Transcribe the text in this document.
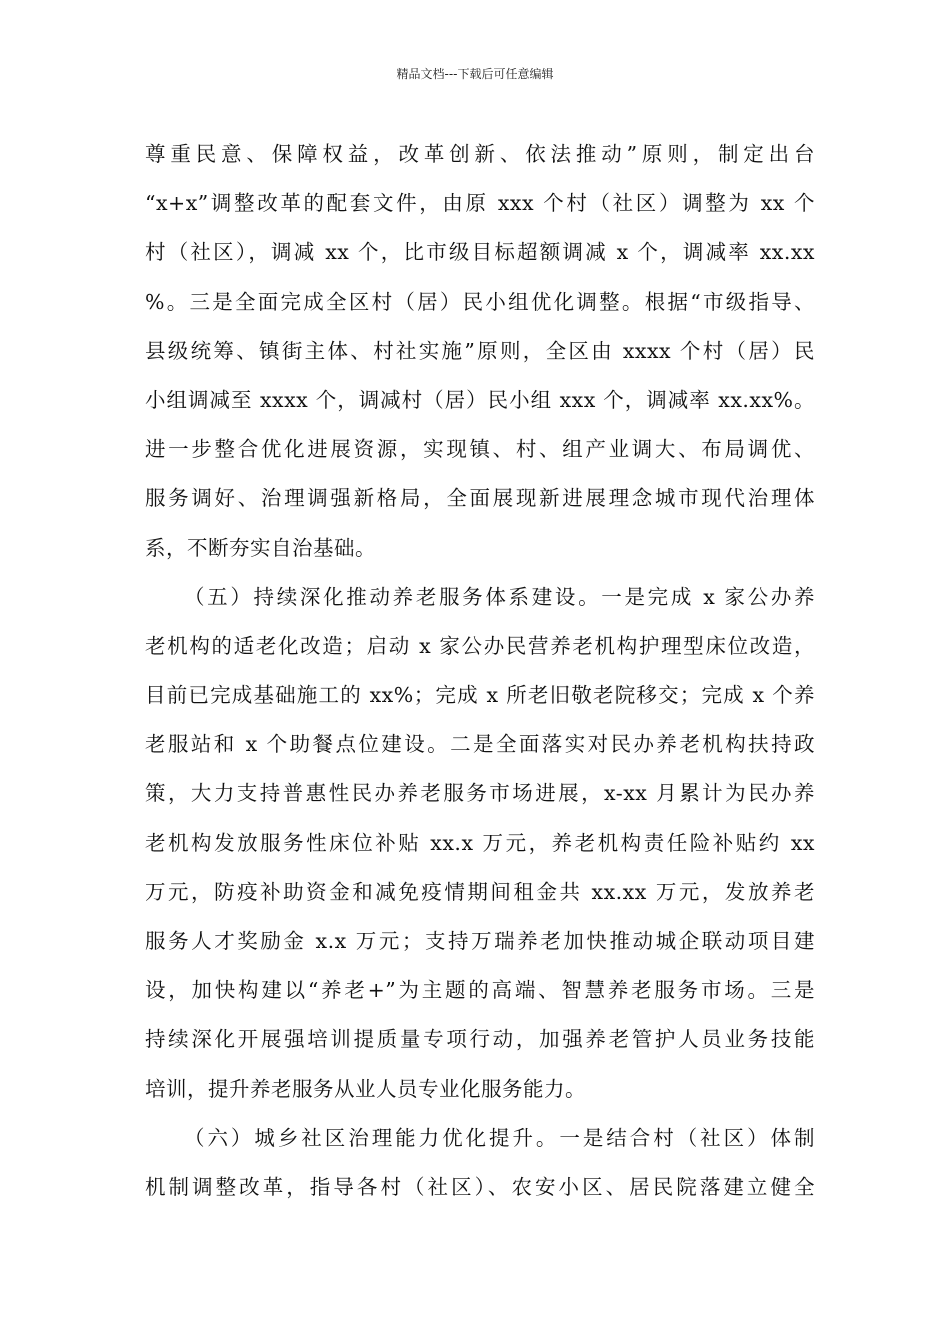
精品文档---下载后可任意编辑
尊重民意、保障权益，改革创新、依法推动”原则，制定出台
“x+x”调整改革的配套文件，由原 xxx 个村（社区）调整为 xx 个
村（社区），调减 xx 个，比市级目标超额调减 x 个，调减率 xx.xx
%。三是全面完成全区村（居）民小组优化调整。根据“市级指导、
县级统筹、镇街主体、村社实施”原则，全区由 xxxx 个村（居）民
小组调减至 xxxx 个，调减村（居）民小组 xxx 个，调减率 xx.xx%。
进一步整合优化进展资源，实现镇、村、组产业调大、布局调优、
服务调好、治理调强新格局，全面展现新进展理念城市现代治理体
系，不断夯实自治基础。
（五）持续深化推动养老服务体系建设。一是完成 x 家公办养
老机构的适老化改造；启动 x 家公办民营养老机构护理型床位改造，
目前已完成基础施工的 xx%；完成 x 所老旧敬老院移交；完成 x 个养
老服站和 x 个助餐点位建设。二是全面落实对民办养老机构扶持政
策，大力支持普惠性民办养老服务市场进展，x-xx 月累计为民办养
老机构发放服务性床位补贴 xx.x 万元，养老机构责任险补贴约 xx
万元，防疫补助资金和减免疫情期间租金共 xx.xx 万元，发放养老
服务人才奖励金 x.x 万元；支持万瑞养老加快推动城企联动项目建
设，加快构建以“养老+”为主题的高端、智慧养老服务市场。三是
持续深化开展强培训提质量专项行动，加强养老管护人员业务技能
培训，提升养老服务从业人员专业化服务能力。
（六）城乡社区治理能力优化提升。一是结合村（社区）体制
机制调整改革，指导各村（社区）、农安小区、居民院落建立健全
